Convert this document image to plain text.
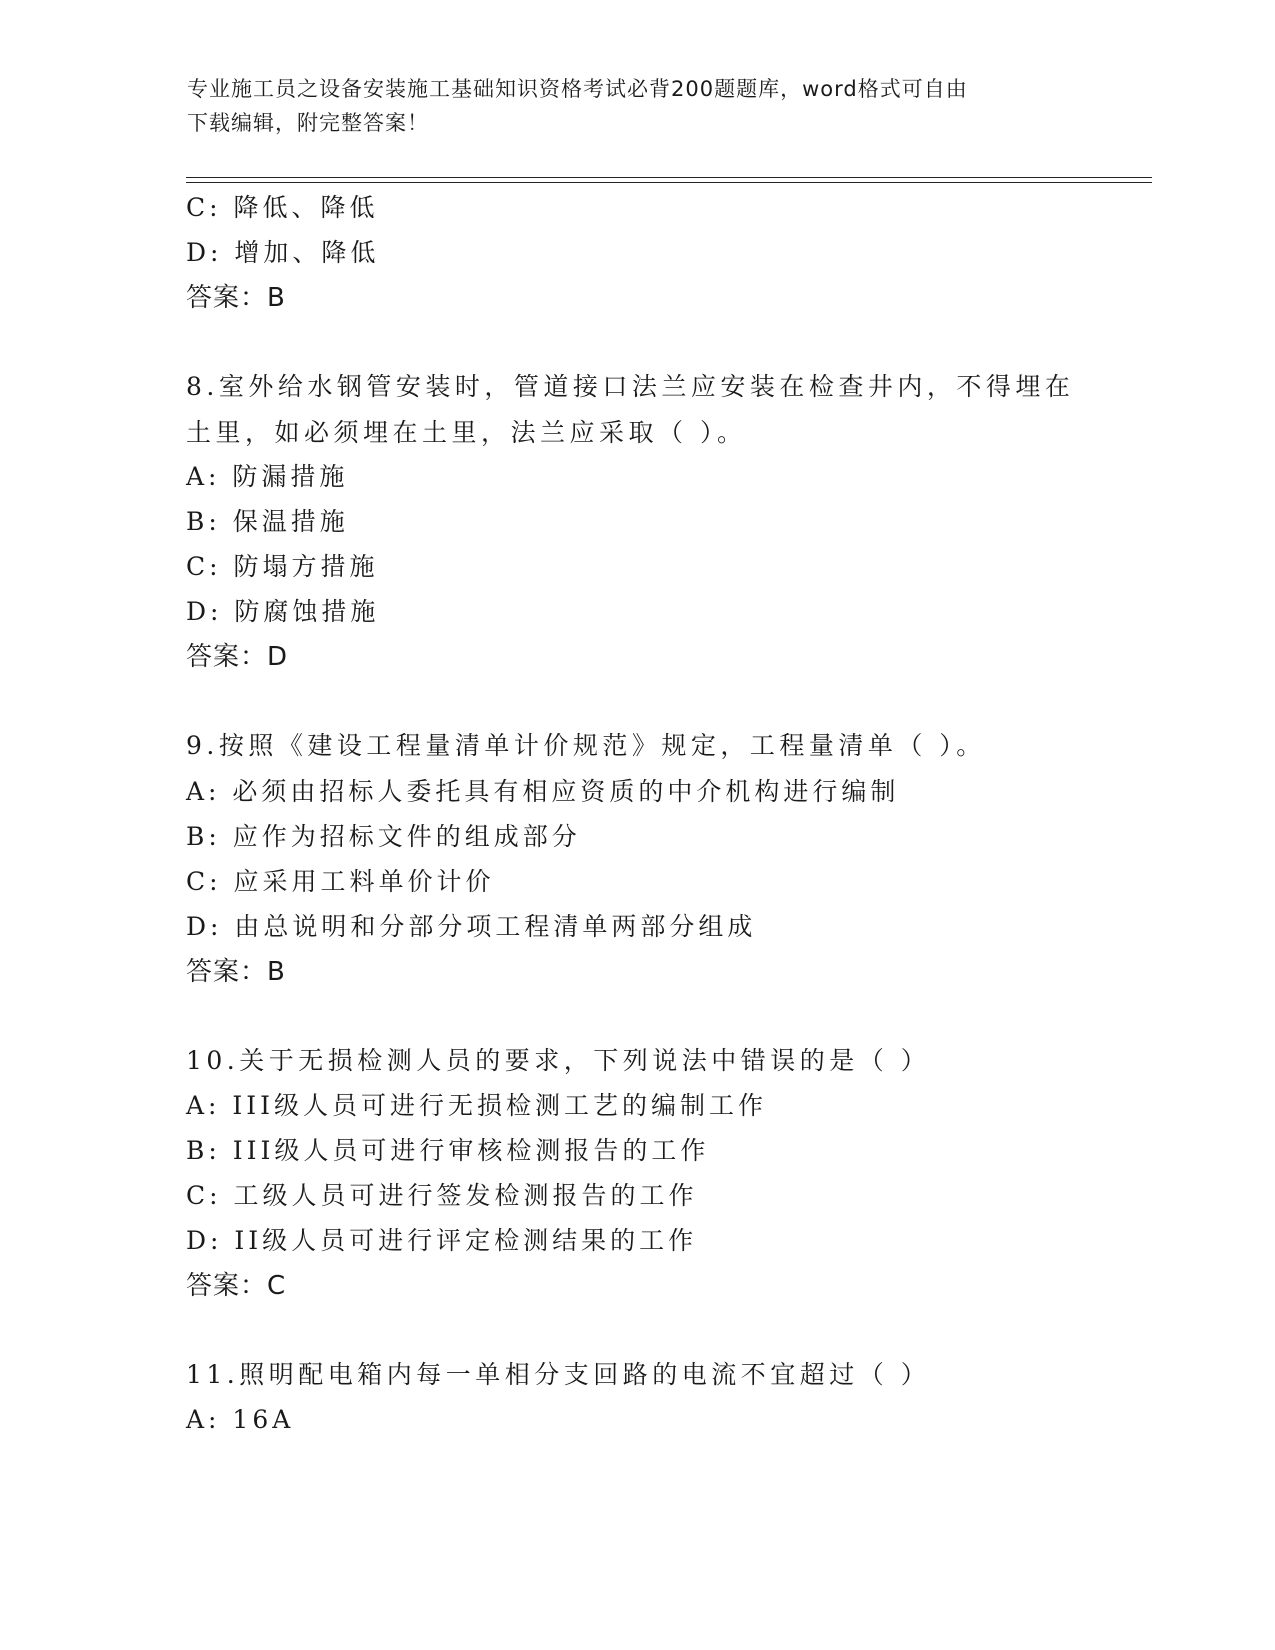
专业施工员之设备安装施工基础知识资格考试必背200题题库，word格式可自由
下载编辑，附完整答案！
C: 降低、降低
D: 增加、降低
答案：B
8.室外给水钢管安装时，管道接口法兰应安装在检查井内，不得埋在
土里，如必须埋在土里，法兰应采取（ ）。
A: 防漏措施
B: 保温措施
C: 防塌方措施
D: 防腐蚀措施
答案：D
9.按照《建设工程量清单计价规范》规定，工程量清单（ ）。
A: 必须由招标人委托具有相应资质的中介机构进行编制
B: 应作为招标文件的组成部分
C: 应采用工料单价计价
D: 由总说明和分部分项工程清单两部分组成
答案：B
10.关于无损检测人员的要求，下列说法中错误的是（ ）
A: III级人员可进行无损检测工艺的编制工作
B: III级人员可进行审核检测报告的工作
C: 工级人员可进行签发检测报告的工作
D: II级人员可进行评定检测结果的工作
答案：C
11.照明配电箱内每一单相分支回路的电流不宜超过（ ）
A: 16A
